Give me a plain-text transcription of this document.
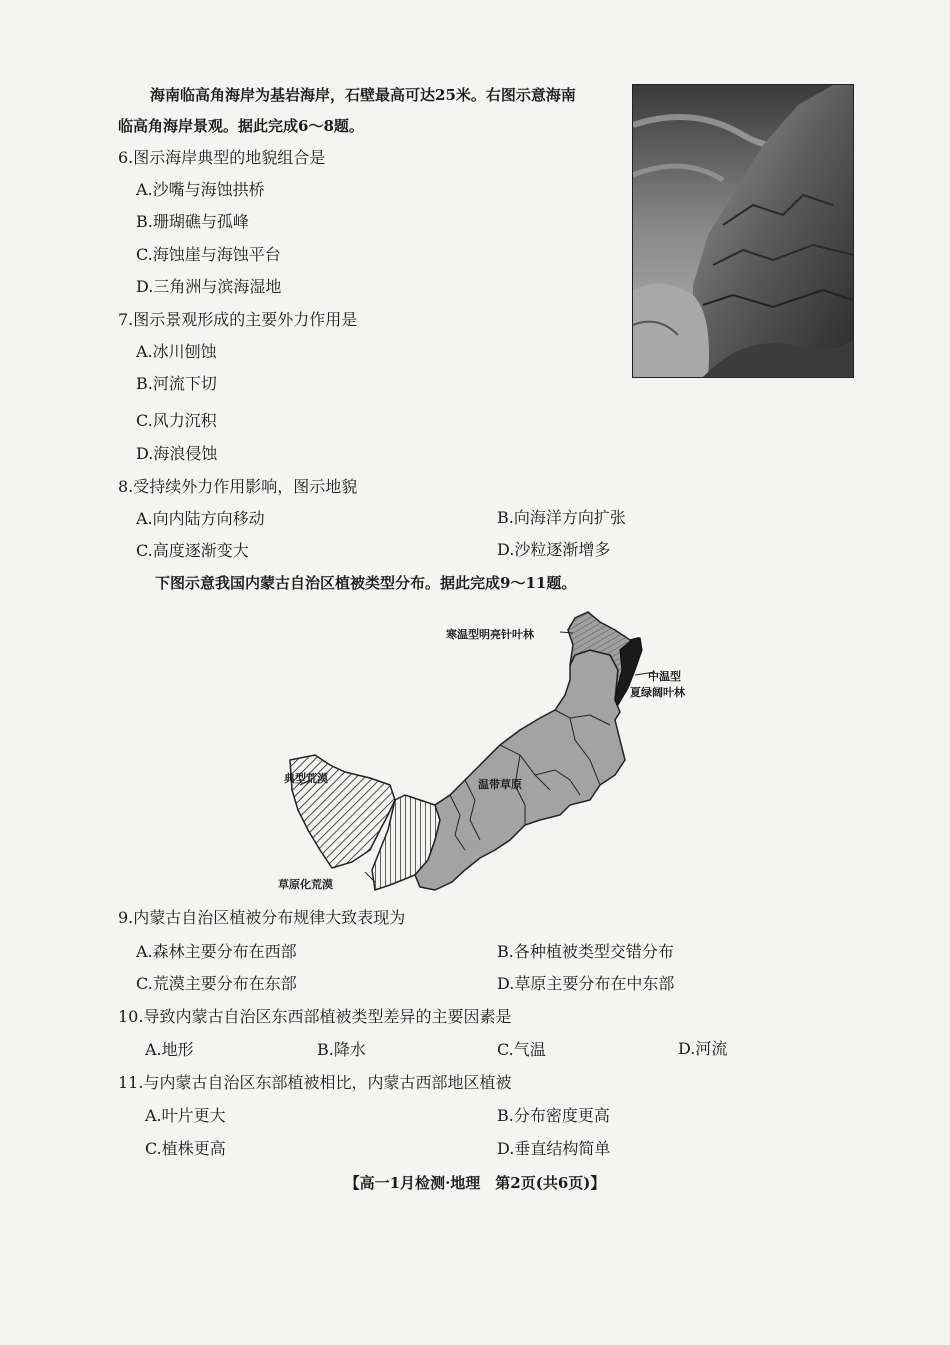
海南临高角海岸为基岩海岸，石壁最高可达25米。右图示意海南
临高角海岸景观。据此完成6～8题。
6.图示海岸典型的地貌组合是
A.沙嘴与海蚀拱桥
B.珊瑚礁与孤峰
C.海蚀崖与海蚀平台
D.三角洲与滨海湿地
7.图示景观形成的主要外力作用是
A.冰川刨蚀
B.河流下切
C.风力沉积
D.海浪侵蚀
8.受持续外力作用影响，图示地貌
A.向内陆方向移动	B.向海洋方向扩张
C.高度逐渐变大	D.沙粒逐渐增多
下图示意我国内蒙古自治区植被类型分布。据此完成9～11题。
寒温型明亮针叶林
中温型
夏绿阔叶林
温带草原
典型荒漠
草原化荒漠
9.内蒙古自治区植被分布规律大致表现为
A.森林主要分布在西部	B.各种植被类型交错分布
C.荒漠主要分布在东部	D.草原主要分布在中东部
10.导致内蒙古自治区东西部植被类型差异的主要因素是
A.地形	B.降水	C.气温	D.河流
11.与内蒙古自治区东部植被相比，内蒙古西部地区植被
A.叶片更大	B.分布密度更高
C.植株更高	D.垂直结构简单
【高一1月检测·地理　第2页(共6页)】
